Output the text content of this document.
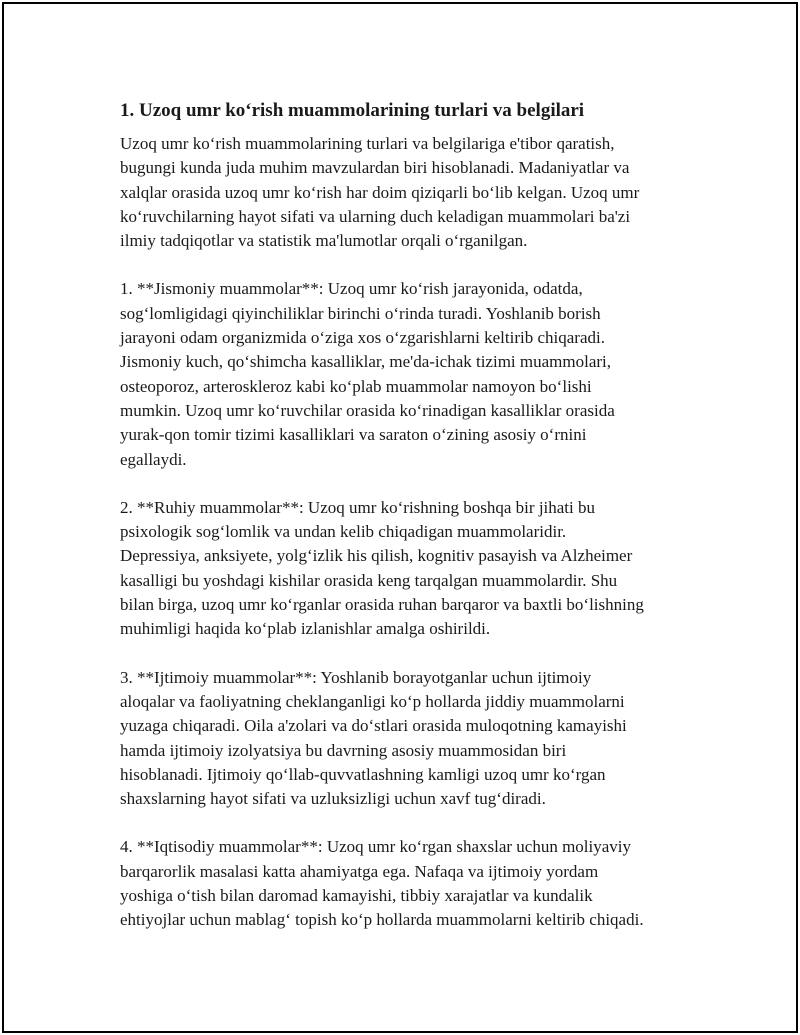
1. Uzoq umr ko‘rish muammolarining turlari va belgilarі

Uzoq umr ko‘rish muammolarining turlari va belgilariga e'tibor qaratish,
bugungi kunda juda muhim mavzulardan biri hisoblanadi. Madaniyatlar va
xalqlar orasida uzoq umr ko‘rish har doim qiziqarli bo‘lib kelgan. Uzoq umr
ko‘ruvchilarning hayot sifati va ularning duch keladigan muammolari ba'zi
ilmiy tadqiqotlar va statistik ma'lumotlar orqali o‘rganilgan.

1. **Jismoniy muammolar**: Uzoq umr ko‘rish jarayonida, odatda,
sog‘lomligidagi qiyinchiliklar birinchi o‘rinda turadi. Yoshlanib borish
jarayoni odam organizmida o‘ziga xos o‘zgarishlarni keltirib chiqaradi.
Jismoniy kuch, qo‘shimcha kasalliklar, me'da-ichak tizimi muammolari,
osteoporoz, arteroskleroz kabi ko‘plab muammolar namoyon bo‘lishi
mumkin. Uzoq umr ko‘ruvchilar orasida ko‘rinadigan kasalliklar orasida
yurak-qon tomir tizimi kasalliklari va saraton o‘zining asosiy o‘rnini
egallaydi.

2. **Ruhiy muammolar**: Uzoq umr ko‘rishning boshqa bir jihati bu
psixologik sog‘lomlik va undan kelib chiqadigan muammolaridir.
Depressiya, anksiyete, yolg‘izlik his qilish, kognitiv pasayish va Alzheimer
kasalligi bu yoshdagi kishilar orasida keng tarqalgan muammolardir. Shu
bilan birga, uzoq umr ko‘rganlar orasida ruhan barqaror va baxtli bo‘lishning
muhimligi haqida ko‘plab izlanishlar amalga oshirildi.

3. **Ijtimoiy muammolar**: Yoshlanib borayotganlar uchun ijtimoiy
aloqalar va faoliyatning cheklanganligi ko‘p hollarda jiddiy muammolarni
yuzaga chiqaradi. Oila a'zolari va do‘stlari orasida muloqotning kamayishi
hamda ijtimoiy izolyatsiya bu davrning asosiy muammosidan biri
hisoblanadi. Ijtimoiy qo‘llab-quvvatlashning kamligi uzoq umr ko‘rgan
shaxslarning hayot sifati va uzluksizligi uchun xavf tug‘diradi.

4. **Iqtisodiy muammolar**: Uzoq umr ko‘rgan shaxslar uchun moliyaviy
barqarorlik masalasi katta ahamiyatga ega. Nafaqa va ijtimoiy yordam
yoshiga o‘tish bilan daromad kamayishi, tibbiy xarajatlar va kundalik
ehtiyojlar uchun mablag‘ topish ko‘p hollarda muammolarni keltirib chiqadi.
